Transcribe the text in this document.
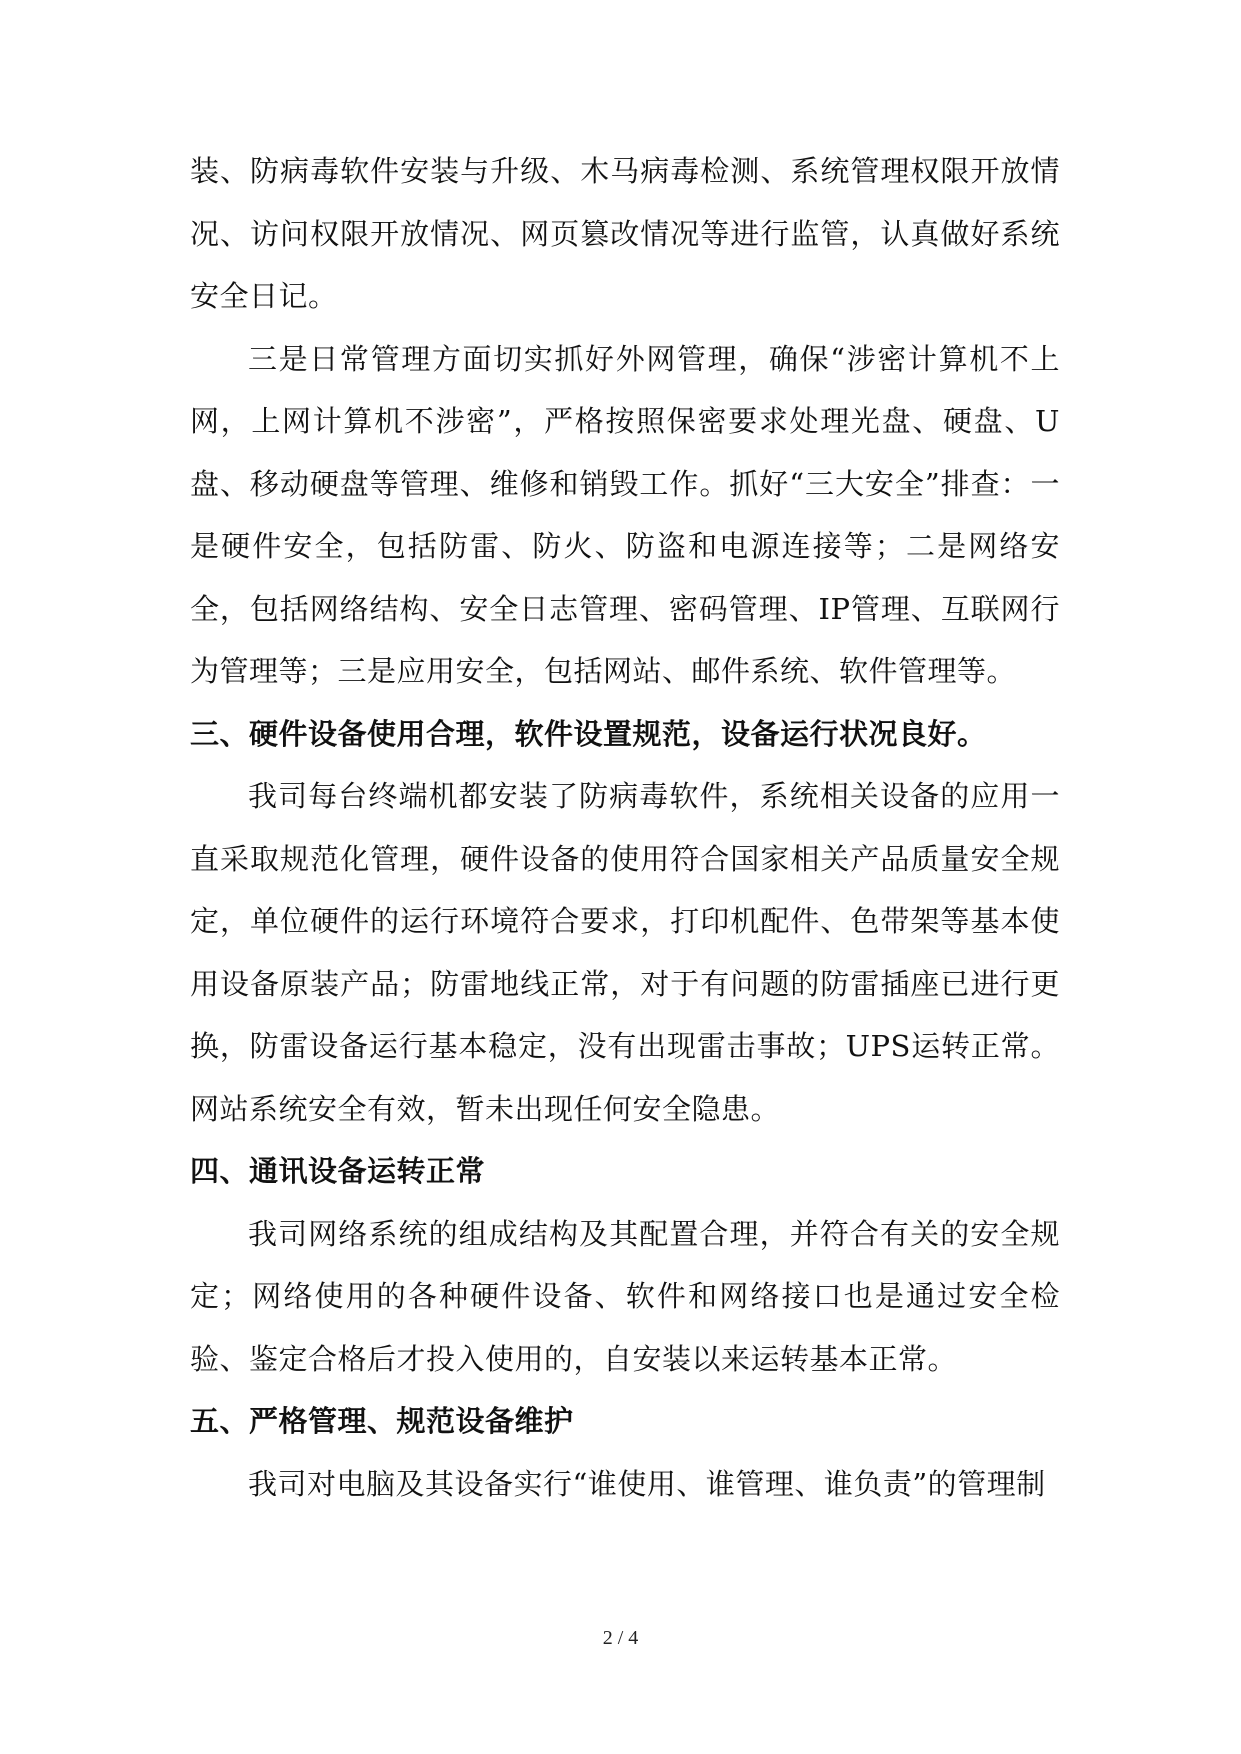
装、防病毒软件安装与升级、木马病毒检测、系统管理权限开放情况、访问权限开放情况、网页篡改情况等进行监管，认真做好系统安全日记。

三是日常管理方面切实抓好外网管理，确保“涉密计算机不上网，上网计算机不涉密”，严格按照保密要求处理光盘、硬盘、U盘、移动硬盘等管理、维修和销毁工作。抓好“三大安全”排查：一是硬件安全，包括防雷、防火、防盗和电源连接等；二是网络安全，包括网络结构、安全日志管理、密码管理、IP管理、互联网行为管理等；三是应用安全，包括网站、邮件系统、软件管理等。

三、硬件设备使用合理，软件设置规范，设备运行状况良好。

我司每台终端机都安装了防病毒软件，系统相关设备的应用一直采取规范化管理，硬件设备的使用符合国家相关产品质量安全规定，单位硬件的运行环境符合要求，打印机配件、色带架等基本使用设备原装产品；防雷地线正常，对于有问题的防雷插座已进行更换，防雷设备运行基本稳定，没有出现雷击事故；UPS运转正常。网站系统安全有效，暂未出现任何安全隐患。

四、通讯设备运转正常

我司网络系统的组成结构及其配置合理，并符合有关的安全规定；网络使用的各种硬件设备、软件和网络接口也是通过安全检验、鉴定合格后才投入使用的，自安装以来运转基本正常。

五、严格管理、规范设备维护

我司对电脑及其设备实行“谁使用、谁管理、谁负责”的管理制

2 / 4
